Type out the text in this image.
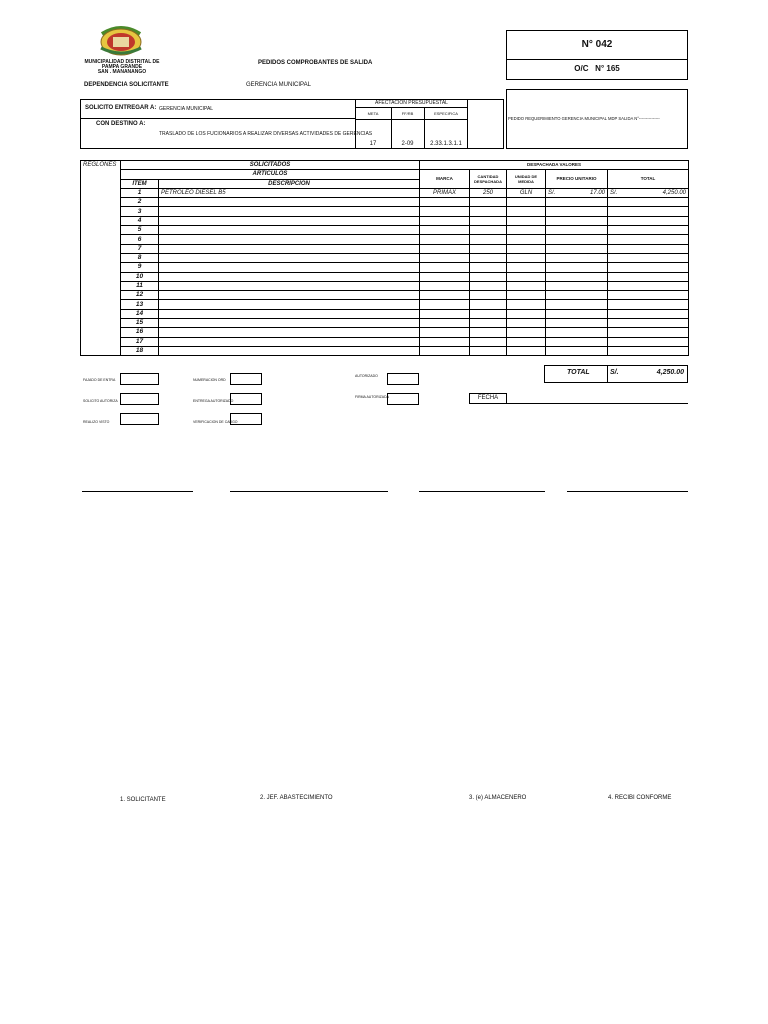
MUNICIPALIDAD DISTRITAL DE PAMPA GRANDE
SAN . MANANANGO
PEDIDOS COMPROBANTES DE SALIDA
N° 042
O/C N° 165
DEPENDENCIA SOLICITANTE	GERENCIA MUNICIPAL
SOLICITO ENTREGAR A: GERENCIA MUNICIPAL
CON DESTINO A:
TRASLADO DE LOS FUCIONARIOS A REALIZAR DIVERSAS ACTIVIDADES DE GERENCIAS
AFECTACION PRESUPUESTAL
META	FF/RB	ESPECIFICA
17	2-09	2.33.1.3.1.1
PEDIDO REQUERIMIENTO GERENCIA MUNICIPAL MDP SALIDA N°---------------
REGLONES	SOLICITADOS		DESPACHADA VALORES				
	ARTICULOS		MARCA	CANTIDAD DESPACHADA	UNIDAD DE MEDIDA	PRECIO UNITARIO	TOTAL
	ITEM	DESCRIPCION					
	1	PETROLEO DIESEL B5	PRIMAX	250	GLN	S/. 17.00	S/. 4,250.00

	2					

	3					

	4					

	5					

	6					

	7					

	8					

	9					

	10					

	11					

	12					

	13					

	14					

	15					

	16					

	17					

	18					

TOTAL	S/.	4,250.00
FAJADO DE ENTRA	NUMERACION ORD
AUTORIZADO
SOLICITO AUTORIZA	ENTREGA AUTORIZADO
FIRMA AUTORIZADA	FECHA
REALIZO VISTO	VERIFICACION DE CARGO
1. SOLICITANTE	2. JEF. ABASTECIMIENTO	3. (e) ALMACENERO	4. RECIBI CONFORME
